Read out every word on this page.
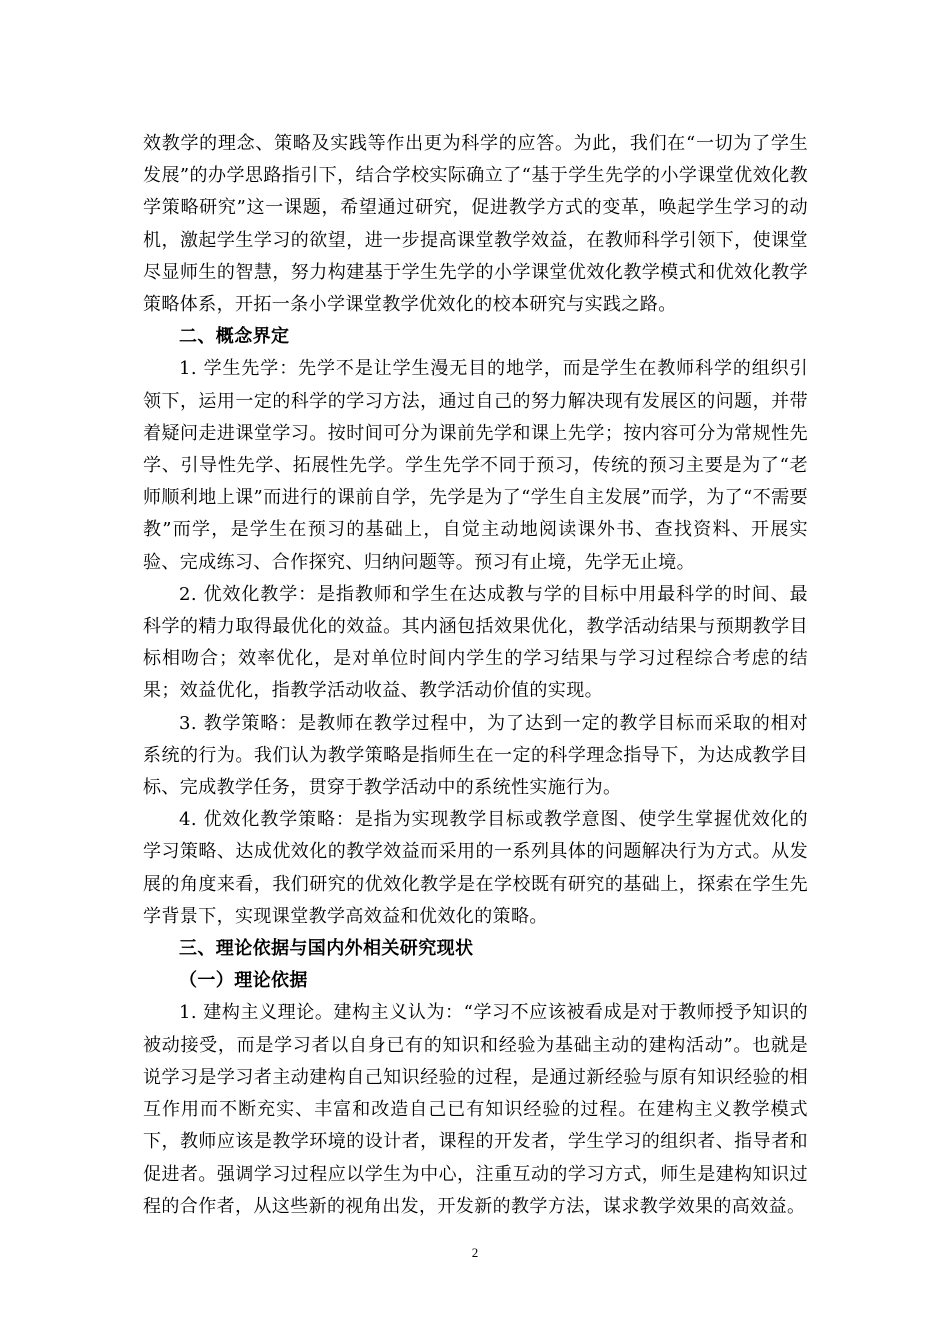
效教学的理念、策略及实践等作出更为科学的应答。为此，我们在“一切为了学生发展”的办学思路指引下，结合学校实际确立了“基于学生先学的小学课堂优效化教学策略研究”这一课题，希望通过研究，促进教学方式的变革，唤起学生学习的动机，激起学生学习的欲望，进一步提高课堂教学效益，在教师科学引领下，使课堂尽显师生的智慧，努力构建基于学生先学的小学课堂优效化教学模式和优效化教学策略体系，开拓一条小学课堂教学优效化的校本研究与实践之路。

二、概念界定

1. 学生先学：先学不是让学生漫无目的地学，而是学生在教师科学的组织引领下，运用一定的科学的学习方法，通过自己的努力解决现有发展区的问题，并带着疑问走进课堂学习。按时间可分为课前先学和课上先学；按内容可分为常规性先学、引导性先学、拓展性先学。学生先学不同于预习，传统的预习主要是为了“老师顺利地上课”而进行的课前自学，先学是为了“学生自主发展”而学，为了“不需要教”而学，是学生在预习的基础上，自觉主动地阅读课外书、查找资料、开展实验、完成练习、合作探究、归纳问题等。预习有止境，先学无止境。

2. 优效化教学：是指教师和学生在达成教与学的目标中用最科学的时间、最科学的精力取得最优化的效益。其内涵包括效果优化，教学活动结果与预期教学目标相吻合；效率优化，是对单位时间内学生的学习结果与学习过程综合考虑的结果；效益优化，指教学活动收益、教学活动价值的实现。

3. 教学策略：是教师在教学过程中，为了达到一定的教学目标而采取的相对系统的行为。我们认为教学策略是指师生在一定的科学理念指导下，为达成教学目标、完成教学任务，贯穿于教学活动中的系统性实施行为。

4. 优效化教学策略：是指为实现教学目标或教学意图、使学生掌握优效化的学习策略、达成优效化的教学效益而采用的一系列具体的问题解决行为方式。从发展的角度来看，我们研究的优效化教学是在学校既有研究的基础上，探索在学生先学背景下，实现课堂教学高效益和优效化的策略。

三、理论依据与国内外相关研究现状

（一）理论依据

1. 建构主义理论。建构主义认为：“学习不应该被看成是对于教师授予知识的被动接受，而是学习者以自身已有的知识和经验为基础主动的建构活动”。也就是说学习是学习者主动建构自己知识经验的过程，是通过新经验与原有知识经验的相互作用而不断充实、丰富和改造自己已有知识经验的过程。在建构主义教学模式下，教师应该是教学环境的设计者，课程的开发者，学生学习的组织者、指导者和促进者。强调学习过程应以学生为中心，注重互动的学习方式，师生是建构知识过程的合作者，从这些新的视角出发，开发新的教学方法，谋求教学效果的高效益。

2
